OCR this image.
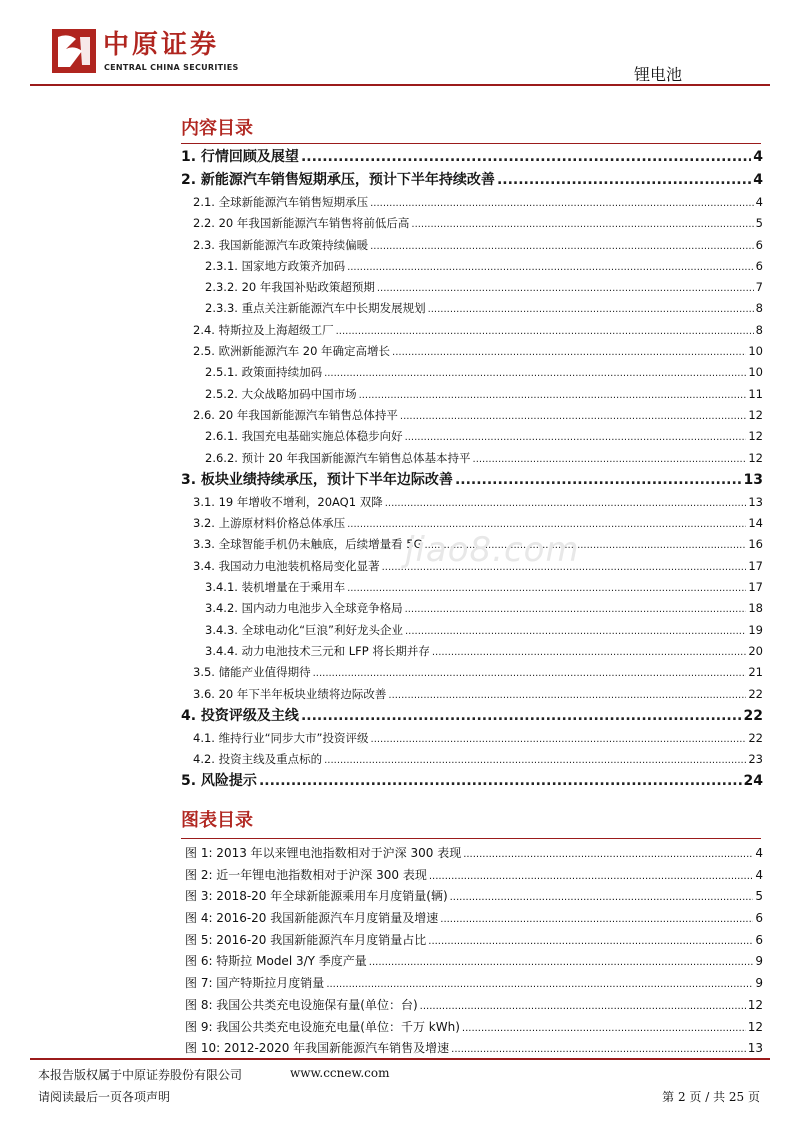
中原证券
CENTRAL CHINA SECURITIES	锂电池
内容目录
1. 行情回顾及展望 .....	4
2. 新能源汽车销售短期承压，预计下半年持续改善 .....	4
2.1. 全球新能源汽车销售短期承压 .....	4
2.2. 20 年我国新能源汽车销售将前低后高 .....	5
2.3. 我国新能源汽车政策持续偏暖 .....	6
2.3.1. 国家地方政策齐加码 .....	6
2.3.2. 20 年我国补贴政策超预期 .....	7
2.3.3. 重点关注新能源汽车中长期发展规划 .....	8
2.4. 特斯拉及上海超级工厂 .....	8
2.5. 欧洲新能源汽车 20 年确定高增长 .....	10
2.5.1. 政策面持续加码 .....	10
2.5.2. 大众战略加码中国市场 .....	11
2.6. 20 年我国新能源汽车销售总体持平 .....	12
2.6.1. 我国充电基础实施总体稳步向好 .....	12
2.6.2. 预计 20 年我国新能源汽车销售总体基本持平 .....	12
3. 板块业绩持续承压，预计下半年边际改善 .....	13
3.1. 19 年增收不增利，20AQ1 双降 .....	13
3.2. 上游原材料价格总体承压 .....	14
3.3. 全球智能手机仍未触底，后续增量看 5G .....	16
3.4. 我国动力电池装机格局变化显著 .....	17
3.4.1. 装机增量在于乘用车 .....	17
3.4.2. 国内动力电池步入全球竞争格局 .....	18
3.4.3. 全球电动化“巨浪”利好龙头企业 .....	19
3.4.4. 动力电池技术三元和 LFP 将长期并存 .....	20
3.5. 储能产业值得期待 .....	21
3.6. 20 年下半年板块业绩将边际改善 .....	22
4. 投资评级及主线 .....	22
4.1. 维持行业“同步大市”投资评级 .....	22
4.2. 投资主线及重点标的 .....	23
5. 风险提示 .....	24
jiao8.com
图表目录
图 1: 2013 年以来锂电池指数相对于沪深 300 表现 .....	4
图 2: 近一年锂电池指数相对于沪深 300 表现 .....	4
图 3: 2018-20 年全球新能源乘用车月度销量(辆) .....	5
图 4: 2016-20 我国新能源汽车月度销量及增速 .....	6
图 5: 2016-20 我国新能源汽车月度销量占比 .....	6
图 6: 特斯拉 Model 3/Y 季度产量 .....	9
图 7: 国产特斯拉月度销量 .....	9
图 8: 我国公共类充电设施保有量(单位：台) .....	12
图 9: 我国公共类充电设施充电量(单位：千万 kWh) .....	12
图 10: 2012-2020 年我国新能源汽车销售及增速 .....	13
本报告版权属于中原证券股份有限公司	www.ccnew.com
请阅读最后一页各项声明	第 2 页 / 共 25 页
